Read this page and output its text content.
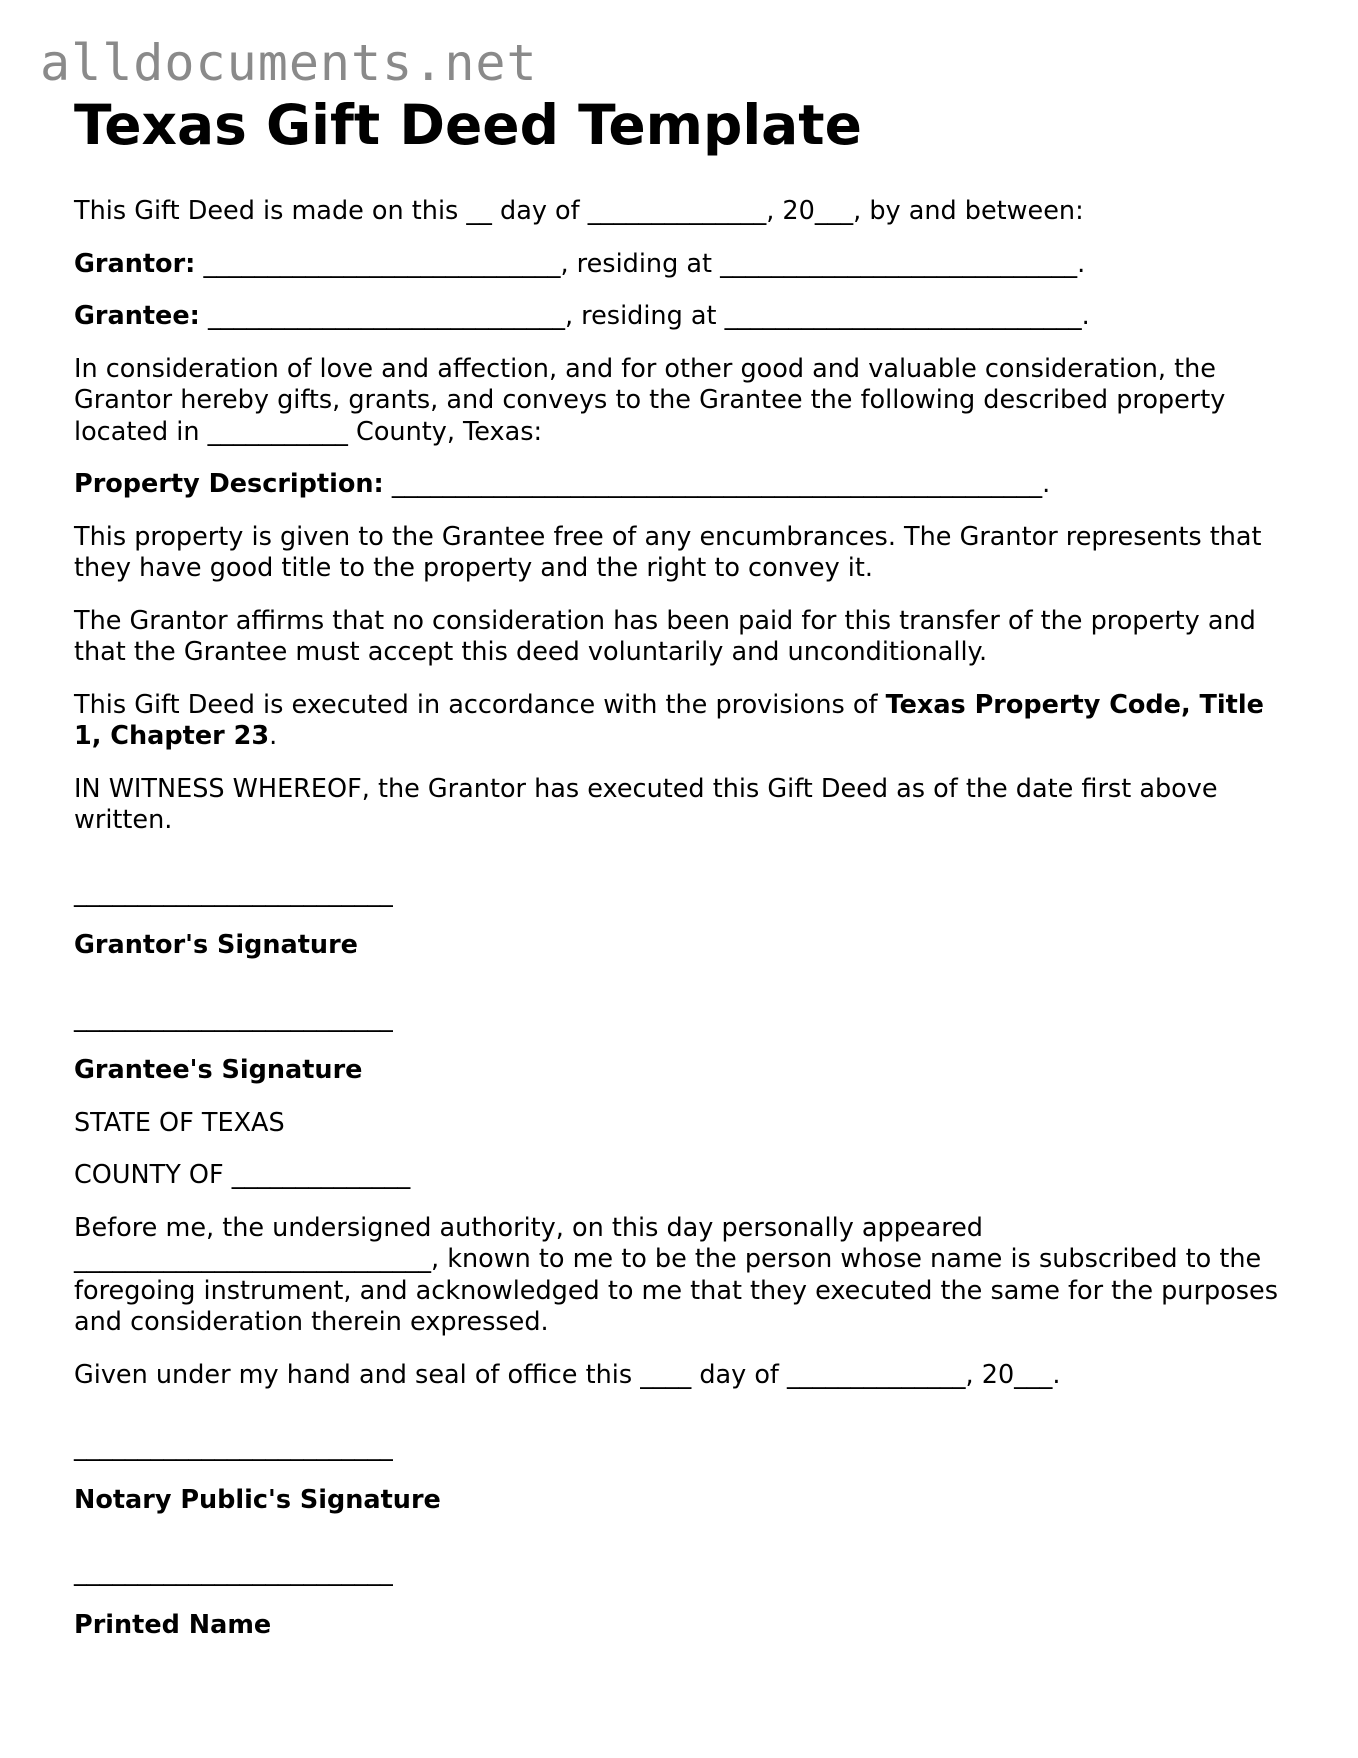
alldocuments.net
Texas Gift Deed Template

This Gift Deed is made on this __ day of ______________, 20___, by and between:

Grantor: ____________________________, residing at ____________________________.

Grantee: ____________________________, residing at ____________________________.

In consideration of love and affection, and for other good and valuable consideration, the Grantor hereby gifts, grants, and conveys to the Grantee the following described property located in ___________ County, Texas:

Property Description: ___________________________________________________.

This property is given to the Grantee free of any encumbrances. The Grantor represents that they have good title to the property and the right to convey it.

The Grantor affirms that no consideration has been paid for this transfer of the property and that the Grantee must accept this deed voluntarily and unconditionally.

This Gift Deed is executed in accordance with the provisions of Texas Property Code, Title 1, Chapter 23.

IN WITNESS WHEREOF, the Grantor has executed this Gift Deed as of the date first above written.

_________________________

Grantor's Signature

_________________________

Grantee's Signature

STATE OF TEXAS

COUNTY OF ______________

Before me, the undersigned authority, on this day personally appeared ____________________________, known to me to be the person whose name is subscribed to the foregoing instrument, and acknowledged to me that they executed the same for the purposes and consideration therein expressed.

Given under my hand and seal of office this ____ day of ______________, 20___.

_________________________

Notary Public's Signature

_________________________

Printed Name
